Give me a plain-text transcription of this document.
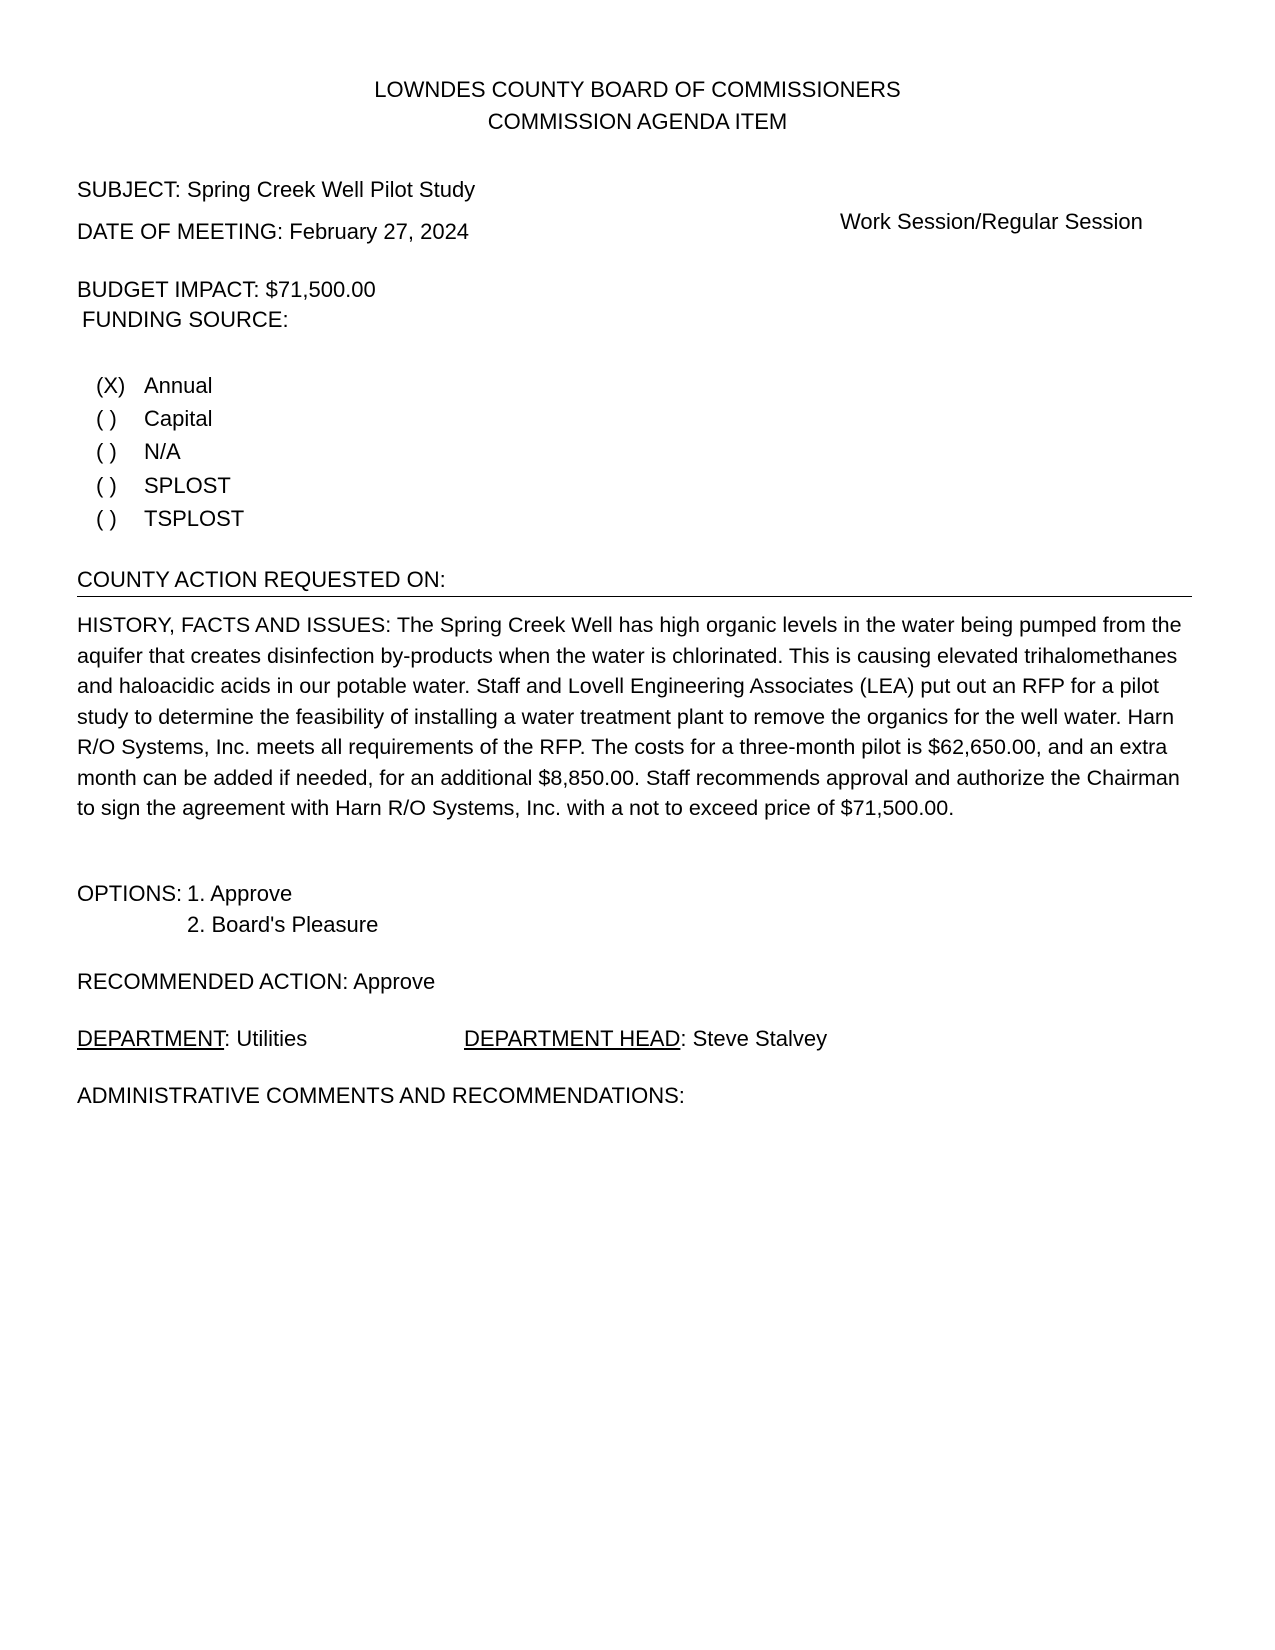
LOWNDES COUNTY BOARD OF COMMISSIONERS
COMMISSION AGENDA ITEM
SUBJECT: Spring Creek Well Pilot Study
DATE OF MEETING: February 27, 2024	Work Session/Regular Session
BUDGET IMPACT: $71,500.00
FUNDING SOURCE:
(X) Annual
( ) Capital
( ) N/A
( ) SPLOST
( ) TSPLOST
COUNTY ACTION REQUESTED ON:
HISTORY, FACTS AND ISSUES: The Spring Creek Well has high organic levels in the water being pumped from the aquifer that creates disinfection by-products when the water is chlorinated. This is causing elevated trihalomethanes and haloacidic acids in our potable water. Staff and Lovell Engineering Associates (LEA) put out an RFP for a pilot study to determine the feasibility of installing a water treatment plant to remove the organics for the well water. Harn R/O Systems, Inc. meets all requirements of the RFP. The costs for a three-month pilot is $62,650.00, and an extra month can be added if needed, for an additional $8,850.00. Staff recommends approval and authorize the Chairman to sign the agreement with Harn R/O Systems, Inc. with a not to exceed price of $71,500.00.
OPTIONS: 1. Approve
2. Board's Pleasure
RECOMMENDED ACTION: Approve
DEPARTMENT: Utilities	DEPARTMENT HEAD: Steve Stalvey
ADMINISTRATIVE COMMENTS AND RECOMMENDATIONS:
